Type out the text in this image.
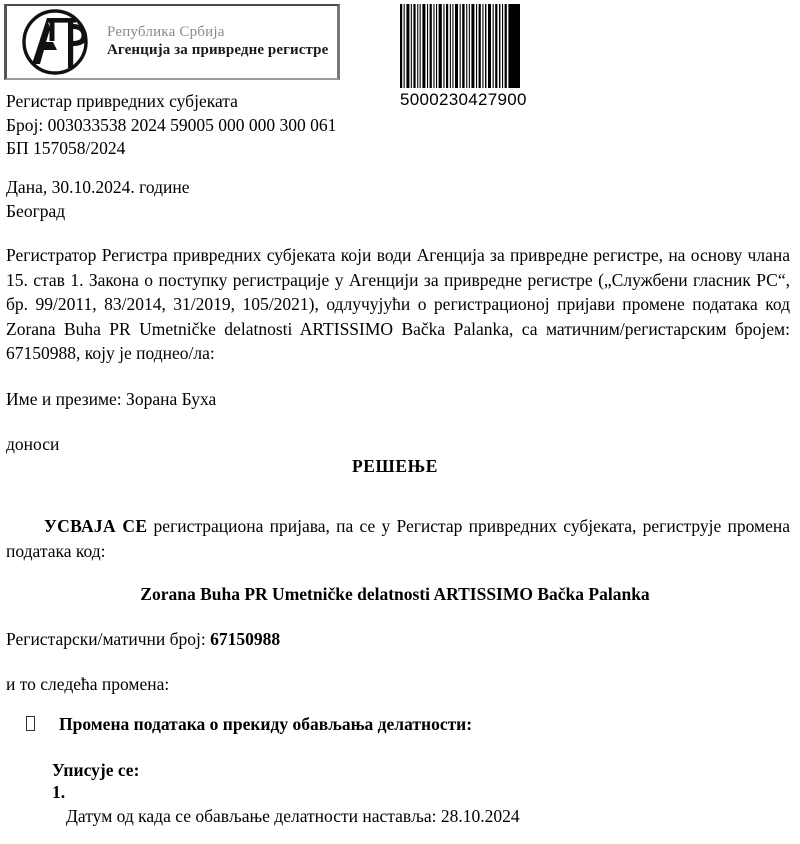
Република Србија
Агенција за привредне регистре
5000230427900
Регистар привредних субјеката
Број: 003033538 2024 59005 000 000 300 061
БП 157058/2024
Дана, 30.10.2024. године
Београд
Регистратор Регистра привредних субјеката који води Агенција за привредне регистре, на основу члана 15. став 1. Закона о поступку регистрације у Агенцији за привредне регистре („Службени гласник РС“, бр. 99/2011, 83/2014, 31/2019, 105/2021), одлучујући о регистрационој пријави промене података код Zorana Buha PR Umetničke delatnosti ARTISSIMO Bačka Palanka, са матичним/регистарским бројем: 67150988, коју је поднео/ла:
Име и презиме: Зорана Буха
доноси
РЕШЕЊЕ
УСВАЈА СЕ регистрациона пријава, па се у Регистар привредних субјеката, региструје промена података код:
Zorana Buha PR Umetničke delatnosti ARTISSIMO Bačka Palanka
Регистарски/матични број: 67150988
и то следећа промена:
Промена података о прекиду обављања делатности:
Уписује се:
1.
Датум од када се обављање делатности наставља: 28.10.2024
